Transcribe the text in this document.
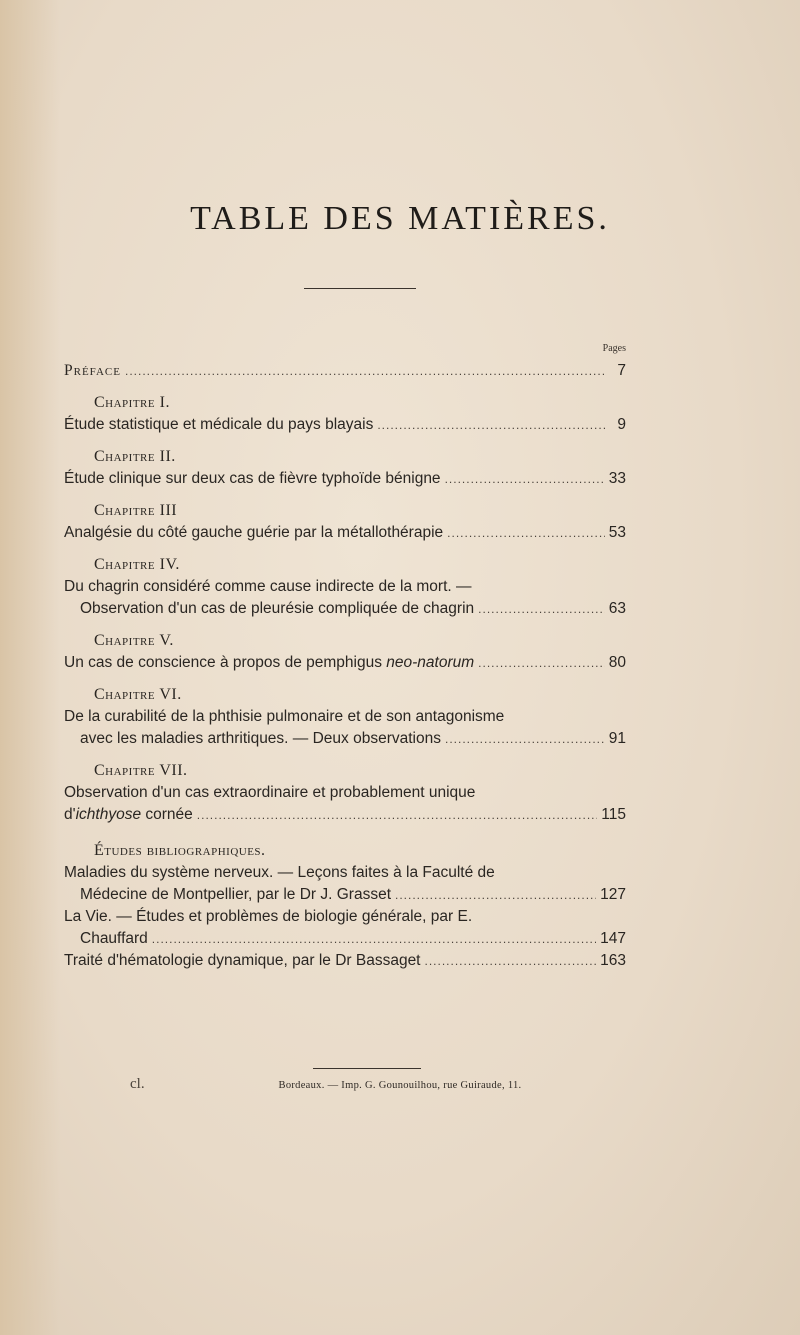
TABLE DES MATIÈRES.
Pages
Préface .....	7
Chapitre I.
Étude statistique et médicale du pays blayais .....	9
Chapitre II.
Étude clinique sur deux cas de fièvre typhoïde bénigne .....	33
Chapitre III
Analgésie du côté gauche guérie par la métallothérapie .....	53
Chapitre IV.
Du chagrin considéré comme cause indirecte de la mort. —
Observation d'un cas de pleurésie compliquée de chagrin .....	63
Chapitre V.
Un cas de conscience à propos de pemphigus neo-natorum .....	80
Chapitre VI.
De la curabilité de la phthisie pulmonaire et de son antagonisme
avec les maladies arthritiques. — Deux observations .....	91
Chapitre VII.
Observation d'un cas extraordinaire et probablement unique
d'ichthyose cornée .....	115
Études bibliographiques.
Maladies du système nerveux. — Leçons faites à la Faculté de
Médecine de Montpellier, par le Dr J. Grasset .....	127
La Vie. — Études et problèmes de biologie générale, par E.
Chauffard .....	147
Traité d'hématologie dynamique, par le Dr Bassaget .....	163
cl.	Bordeaux. — Imp. G. Gounouilhou, rue Guiraude, 11.
